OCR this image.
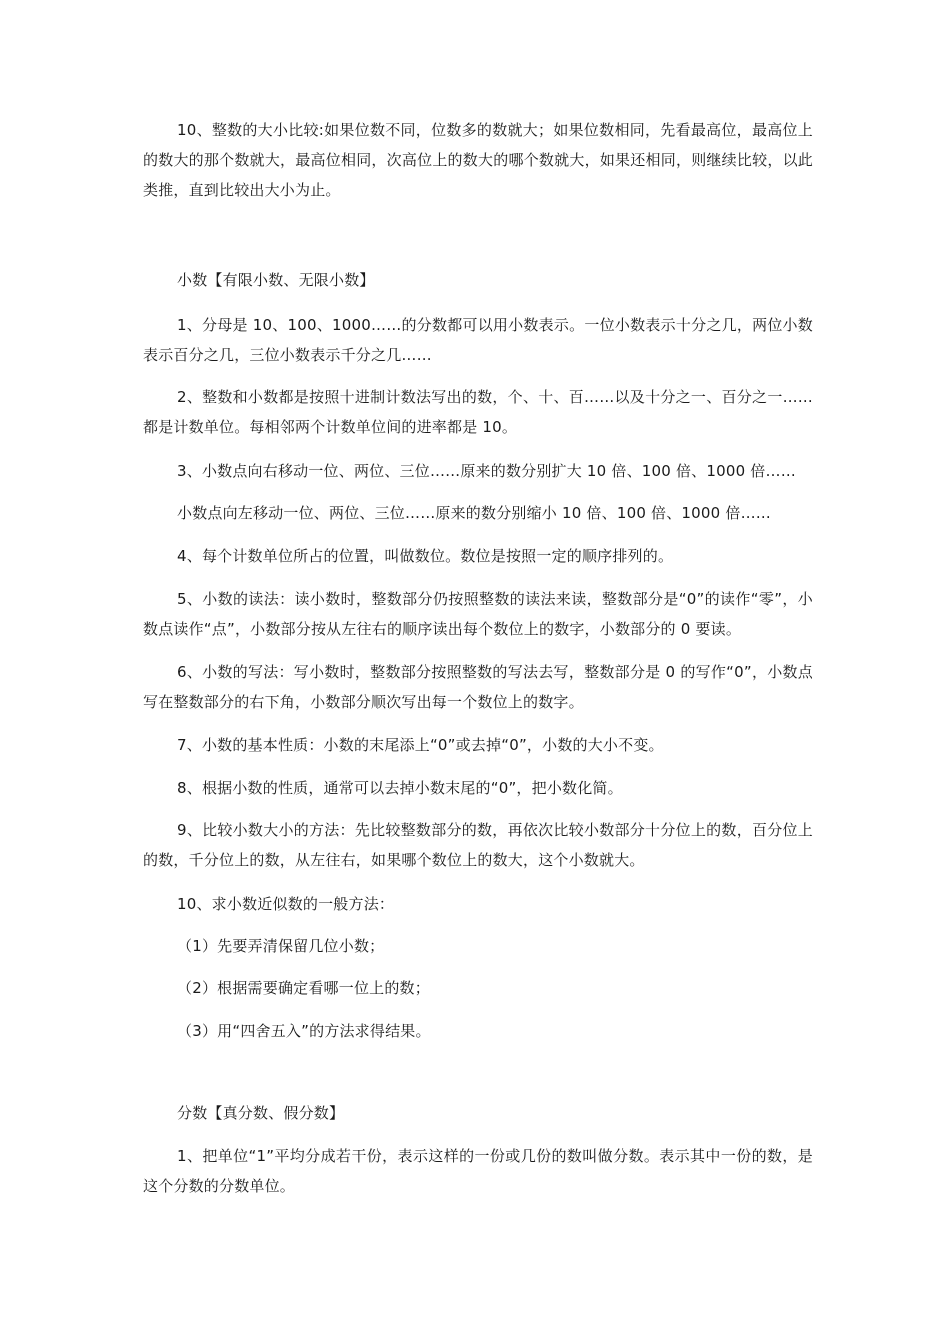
10、整数的大小比较:如果位数不同，位数多的数就大；如果位数相同，先看最高位，最高位上的数大的那个数就大，最高位相同，次高位上的数大的哪个数就大，如果还相同，则继续比较，以此类推，直到比较出大小为止。
小数【有限小数、无限小数】
1、分母是 10、100、1000……的分数都可以用小数表示。一位小数表示十分之几，两位小数表示百分之几，三位小数表示千分之几……
2、整数和小数都是按照十进制计数法写出的数，个、十、百……以及十分之一、百分之一……都是计数单位。每相邻两个计数单位间的进率都是 10。
3、小数点向右移动一位、两位、三位……原来的数分别扩大 10 倍、100 倍、1000 倍……
小数点向左移动一位、两位、三位……原来的数分别缩小 10 倍、100 倍、1000 倍……
4、每个计数单位所占的位置，叫做数位。数位是按照一定的顺序排列的。
5、小数的读法：读小数时，整数部分仍按照整数的读法来读，整数部分是“0”的读作“零”，小数点读作“点”，小数部分按从左往右的顺序读出每个数位上的数字，小数部分的 0 要读。
6、小数的写法：写小数时，整数部分按照整数的写法去写，整数部分是 0 的写作“0”，小数点写在整数部分的右下角，小数部分顺次写出每一个数位上的数字。
7、小数的基本性质：小数的末尾添上“0”或去掉“0”，小数的大小不变。
8、根据小数的性质，通常可以去掉小数末尾的“0”，把小数化简。
9、比较小数大小的方法：先比较整数部分的数，再依次比较小数部分十分位上的数，百分位上的数，千分位上的数，从左往右，如果哪个数位上的数大，这个小数就大。
10、求小数近似数的一般方法：
（1）先要弄清保留几位小数；
（2）根据需要确定看哪一位上的数；
（3）用“四舍五入”的方法求得结果。
分数【真分数、假分数】
1、把单位“1”平均分成若干份，表示这样的一份或几份的数叫做分数。表示其中一份的数，是这个分数的分数单位。
